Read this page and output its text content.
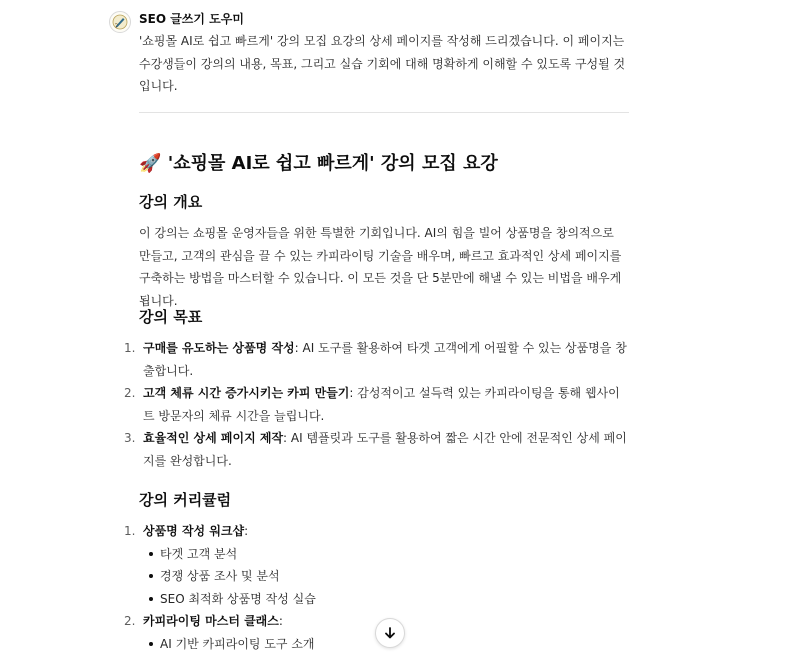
SEO 글쓰기 도우미

'쇼핑몰 AI로 쉽고 빠르게' 강의 모집 요강의 상세 페이지를 작성해 드리겠습니다. 이 페이지는 수강생들이 강의의 내용, 목표, 그리고 실습 기회에 대해 명확하게 이해할 수 있도록 구성될 것입니다.

🚀 '쇼핑몰 AI로 쉽고 빠르게' 강의 모집 요강
강의 개요

이 강의는 쇼핑몰 운영자들을 위한 특별한 기회입니다. AI의 힘을 빌어 상품명을 창의적으로 만들고, 고객의 관심을 끌 수 있는 카피라이팅 기술을 배우며, 빠르고 효과적인 상세 페이지를 구축하는 방법을 마스터할 수 있습니다. 이 모든 것을 단 5분만에 해낼 수 있는 비법을 배우게 됩니다.

강의 목표
1. 구매를 유도하는 상품명 작성: AI 도구를 활용하여 타겟 고객에게 어필할 수 있는 상품명을 창출합니다.
2. 고객 체류 시간 증가시키는 카피 만들기: 감성적이고 설득력 있는 카피라이팅을 통해 웹사이트 방문자의 체류 시간을 늘립니다.
3. 효율적인 상세 페이지 제작: AI 템플릿과 도구를 활용하여 짧은 시간 안에 전문적인 상세 페이지를 완성합니다.
강의 커리큘럼
1. 상품명 작성 워크샵:
타겟 고객 분석
경쟁 상품 조사 및 분석
SEO 최적화 상품명 작성 실습
2. 카피라이팅 마스터 클래스:
AI 기반 카피라이팅 도구 소개
